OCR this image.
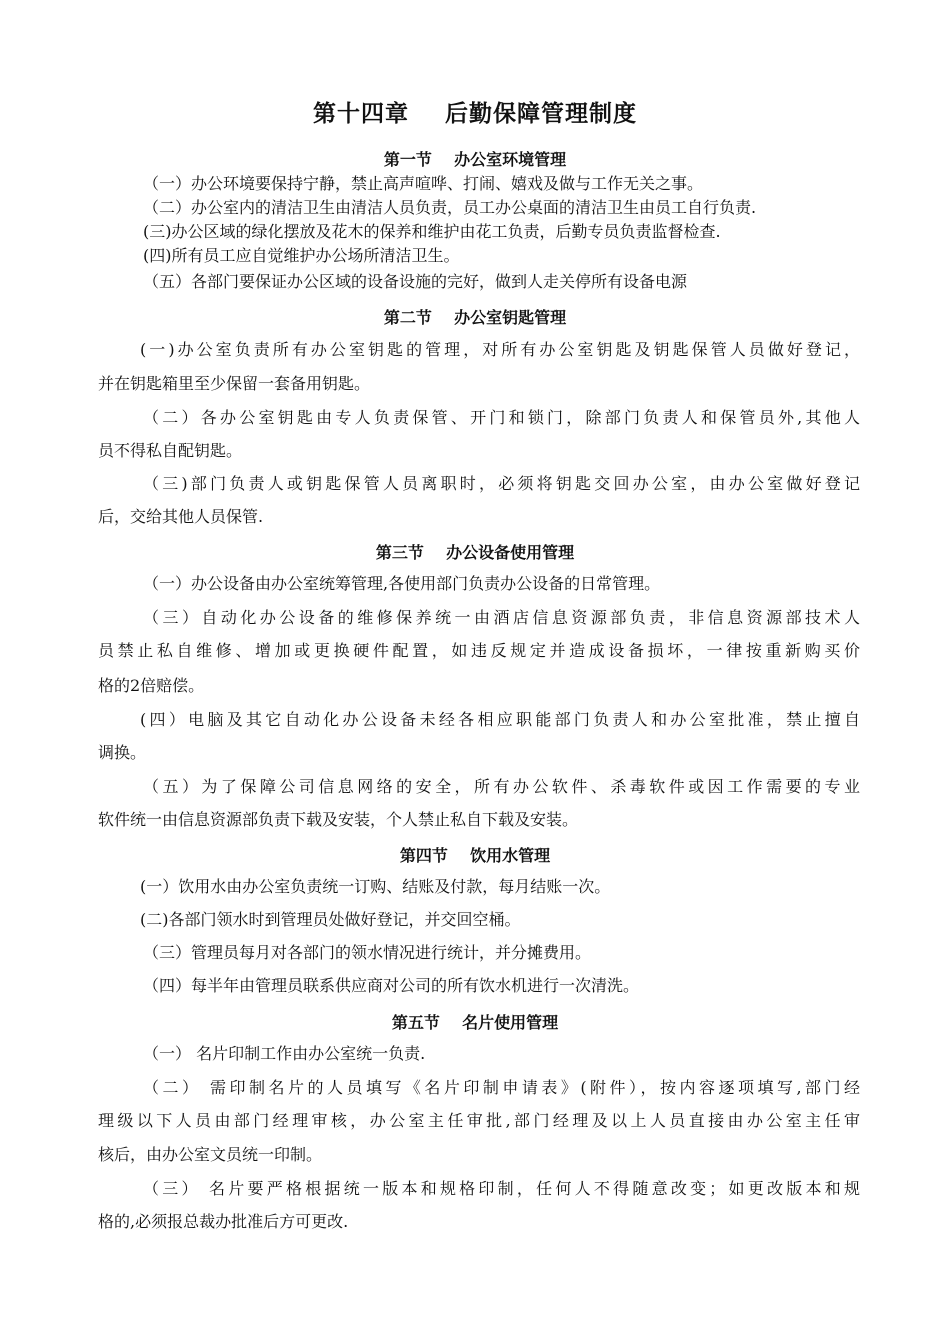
第十四章    后勤保障管理制度
第一节    办公室环境管理
（一）办公环境要保持宁静，禁止高声喧哗、打闹、嬉戏及做与工作无关之事。
（二）办公室内的清洁卫生由清洁人员负责，员工办公桌面的清洁卫生由员工自行负责.
(三)办公区域的绿化摆放及花木的保养和维护由花工负责，后勤专员负责监督检查.
(四)所有员工应自觉维护办公场所清洁卫生。
（五）各部门要保证办公区域的设备设施的完好，做到人走关停所有设备电源
第二节    办公室钥匙管理
(一)办公室负责所有办公室钥匙的管理，对所有办公室钥匙及钥匙保管人员做好登记，
并在钥匙箱里至少保留一套备用钥匙。
（二）各办公室钥匙由专人负责保管、开门和锁门，除部门负责人和保管员外,其他人
员不得私自配钥匙。
（三)部门负责人或钥匙保管人员离职时，必须将钥匙交回办公室，由办公室做好登记
后，交给其他人员保管.
第三节    办公设备使用管理
（一）办公设备由办公室统筹管理,各使用部门负责办公设备的日常管理。
（三）自动化办公设备的维修保养统一由酒店信息资源部负责，非信息资源部技术人
员禁止私自维修、增加或更换硬件配置，如违反规定并造成设备损坏，一律按重新购买价
格的2倍赔偿。
(四）电脑及其它自动化办公设备未经各相应职能部门负责人和办公室批准，禁止擅自
调换。
（五）为了保障公司信息网络的安全，所有办公软件、杀毒软件或因工作需要的专业
软件统一由信息资源部负责下载及安装，个人禁止私自下载及安装。
第四节    饮用水管理
(一）饮用水由办公室负责统一订购、结账及付款，每月结账一次。
(二)各部门领水时到管理员处做好登记，并交回空桶。
（三）管理员每月对各部门的领水情况进行统计，并分摊费用。
（四）每半年由管理员联系供应商对公司的所有饮水机进行一次清洗。
第五节    名片使用管理
（一） 名片印制工作由办公室统一负责.
（二） 需印制名片的人员填写《名片印制申请表》(附件），按内容逐项填写,部门经
理级以下人员由部门经理审核，办公室主任审批,部门经理及以上人员直接由办公室主任审
核后，由办公室文员统一印制。
（三） 名片要严格根据统一版本和规格印制，任何人不得随意改变；如更改版本和规
格的,必须报总裁办批准后方可更改.
